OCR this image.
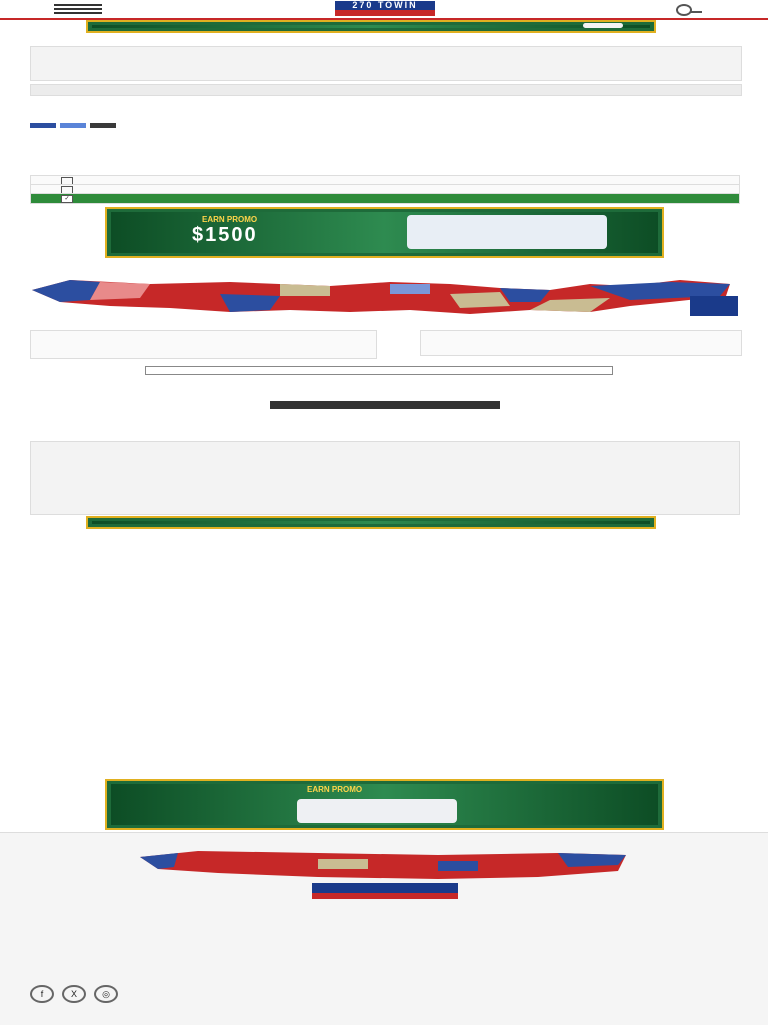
270 TOWIN
✓
EARN PROMO
$1500
EARN PROMO
f	X	◎
